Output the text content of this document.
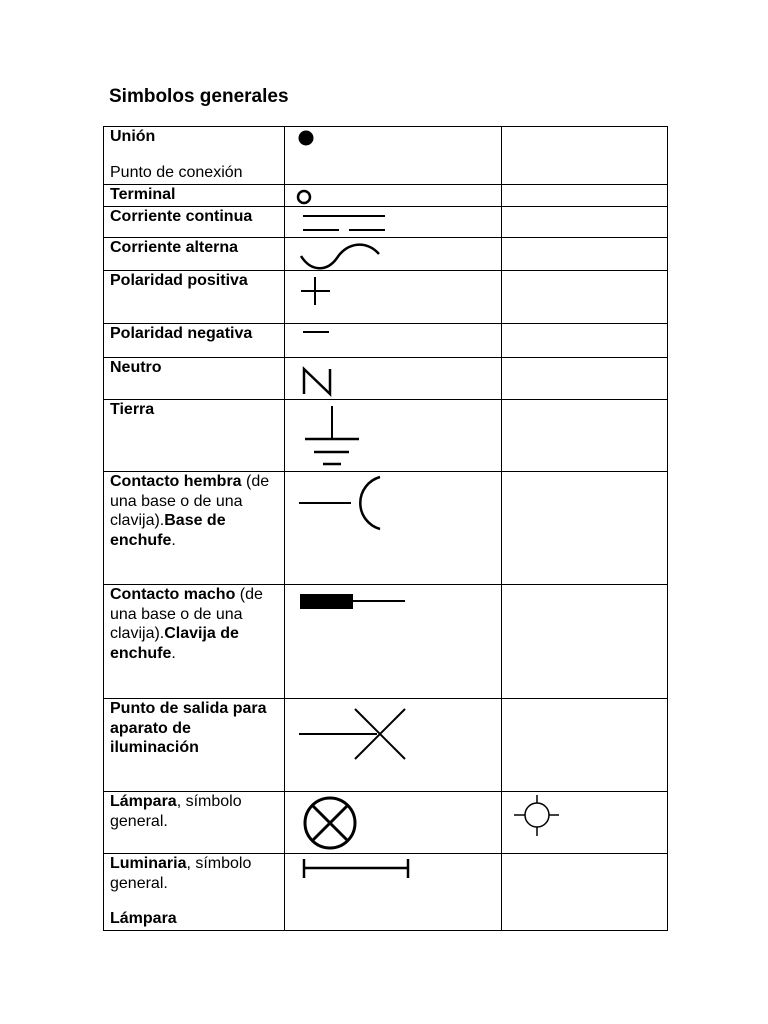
Simbolos generales
Unión
Punto de conexión

Terminal

Corriente continua

Corriente alterna

Polaridad positiva

Polaridad negativa

Neutro

Tierra

Contacto hembra (de una base o de una clavija).Base de enchufe.

Contacto macho (de una base o de una clavija).Clavija de enchufe.

Punto de salida para aparato de iluminación

Lámpara, símbolo general.

Luminaria, símbolo general.
Lámpara
